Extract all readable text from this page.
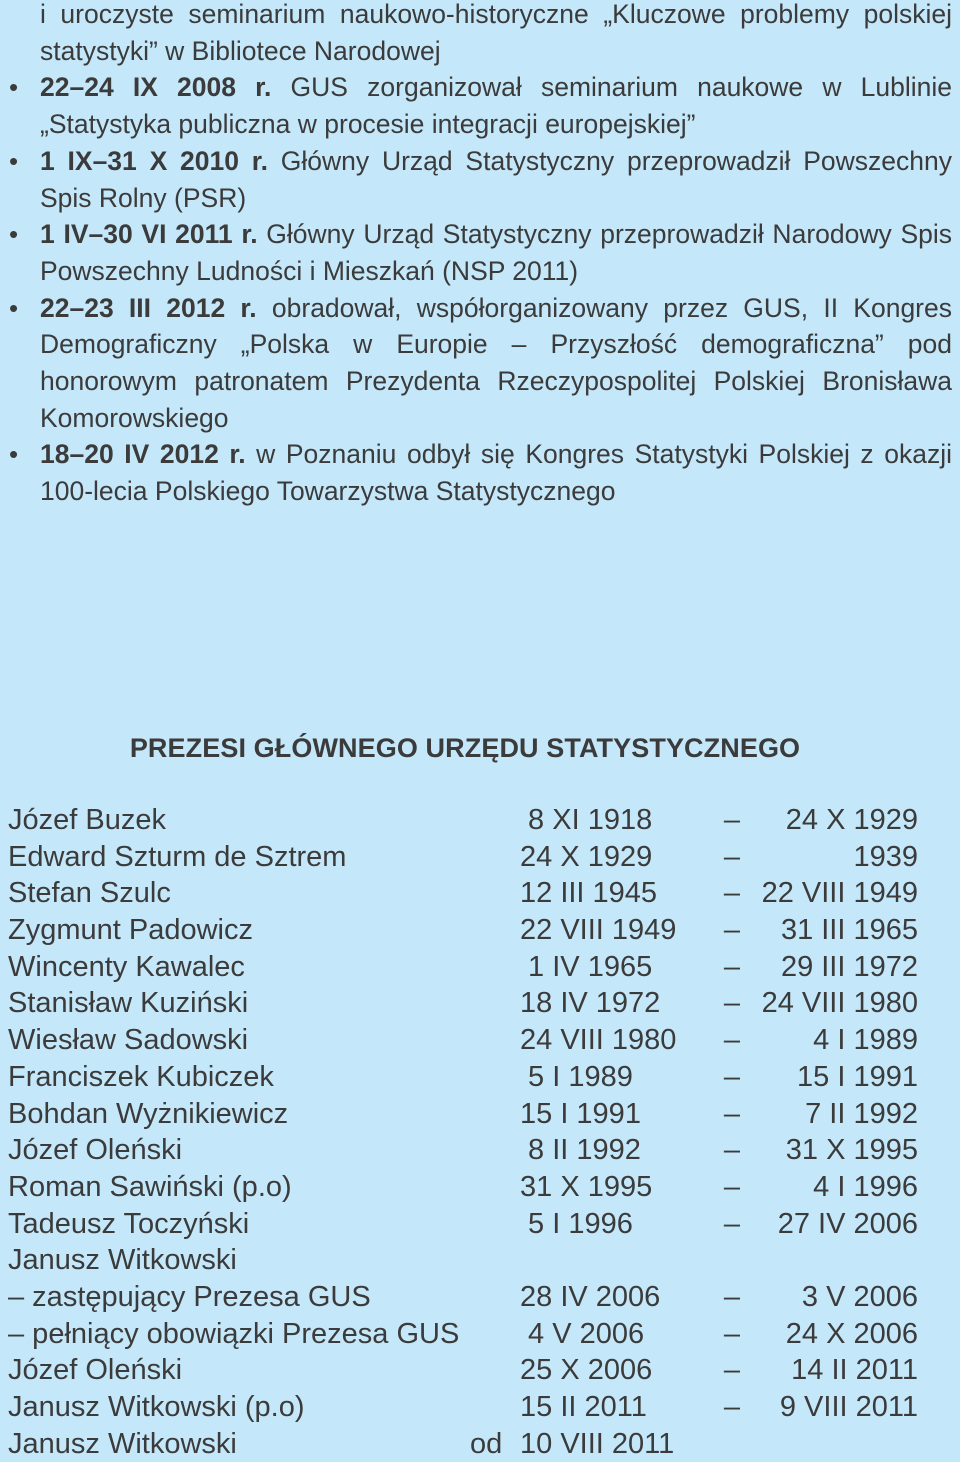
i uroczyste seminarium naukowo-historyczne „Kluczowe problemy polskiej statystyki” w Bibliotece Narodowej
• 22–24 IX 2008 r. GUS zorganizował seminarium naukowe w Lublinie „Statystyka publiczna w procesie integracji europejskiej”
• 1 IX–31 X 2010 r. Główny Urząd Statystyczny przeprowadził Powszechny Spis Rolny (PSR)
• 1 IV–30 VI 2011 r. Główny Urząd Statystyczny przeprowadził Narodowy Spis Powszechny Ludności i Mieszkań (NSP 2011)
• 22–23 III 2012 r. obradował, współorganizowany przez GUS, II Kongres Demograficzny „Polska w Europie – Przyszłość demograficzna” pod honorowym patronatem Prezydenta Rzeczypospolitej Polskiej Bronisława Komorowskiego
• 18–20 IV 2012 r. w Poznaniu odbył się Kongres Statystyki Polskiej z okazji 100-lecia Polskiego Towarzystwa Statystycznego
PREZESI GŁÓWNEGO URZĘDU STATYSTYCZNEGO
Józef Buzek	8 XI 1918	–	24 X 1929
Edward Szturm de Sztrem	24 X 1929	–	1939
Stefan Szulc	12 III 1945	– 22 VIII 1949
Zygmunt Padowicz	22 VIII 1949	–	31 III 1965
Wincenty Kawalec	1 IV 1965	–	29 III 1972
Stanisław Kuziński	18 IV 1972	– 24 VIII 1980
Wiesław Sadowski	24 VIII 1980	–	4 I 1989
Franciszek Kubiczek	5 I 1989	–	15 I 1991
Bohdan Wyżnikiewicz	15 I 1991	–	7 II 1992
Józef Oleński	8 II 1992	–	31 X 1995
Roman Sawiński (p.o)	31 X 1995	–	4 I 1996
Tadeusz Toczyński	5 I 1996	–	27 IV 2006
Janusz Witkowski
– zastępujący Prezesa GUS	28 IV 2006	–	3 V 2006
– pełniący obowiązki Prezesa GUS 4 V 2006	–	24 X 2006
Józef Oleński	25 X 2006	–	14 II 2011
Janusz Witkowski (p.o)	15 II 2011	–	9 VIII 2011
Janusz Witkowski	od 10 VIII 2011
